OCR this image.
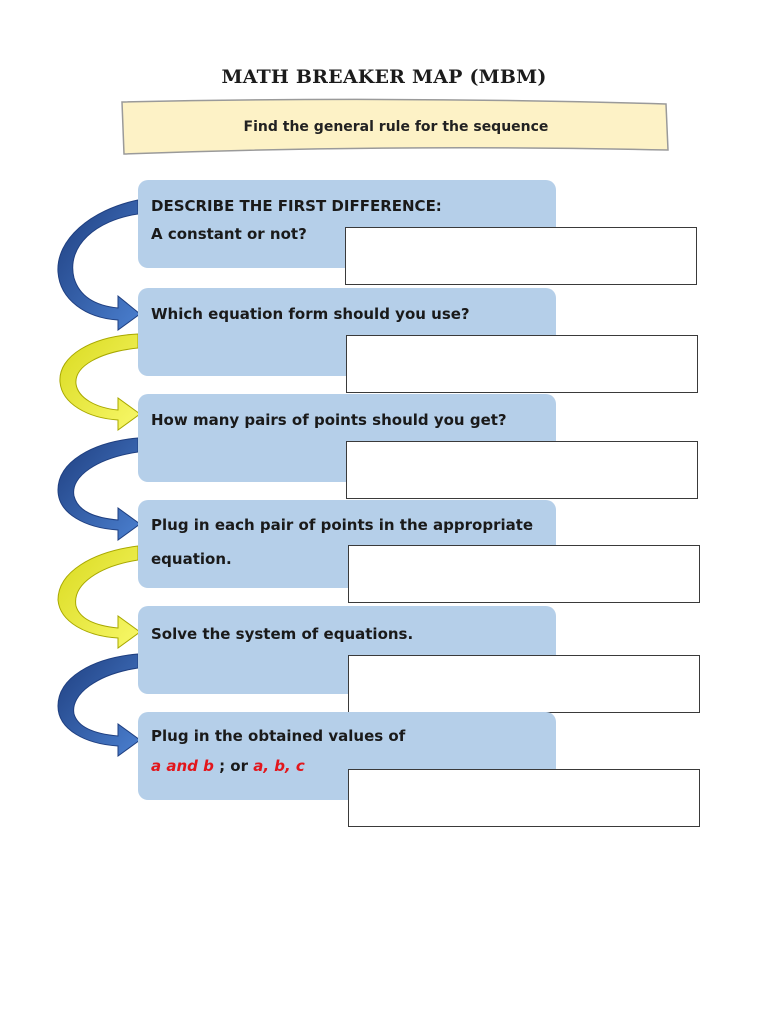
MATH BREAKER MAP (MBM)
Find the general rule for the sequence
DESCRIBE THE FIRST DIFFERENCE:
A constant or not?
Which equation form should you use?
How many pairs of points should you get?
Plug in each pair of points in the appropriate
equation.
Solve the system of equations.
Plug in the obtained values of
a and b ; or a, b, c
